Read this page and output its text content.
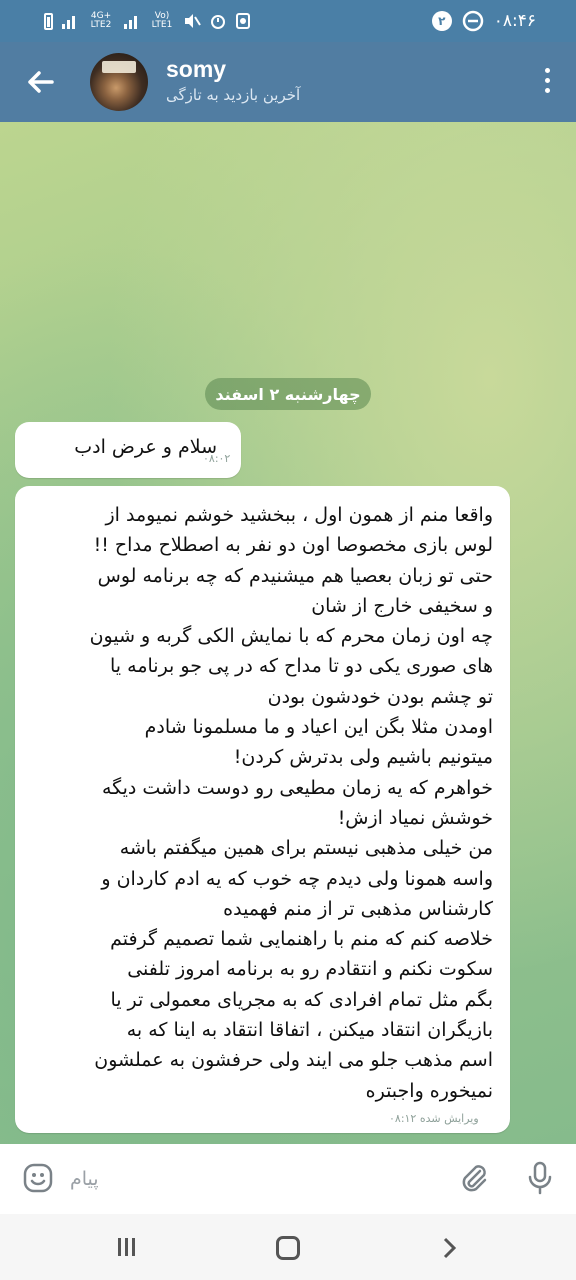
4G+ LTE2
Vo) LTE1	۲	۰۸:۴۶
somy
آخرین بازدید به تازگی
چهارشنبه ۲ اسفند
سلام و عرض ادب
۰۸:۰۲
واقعا منم از همون اول ، ببخشید خوشم نمیومد از
لوس بازی مخصوصا اون دو نفر به اصطلاح مداح !!
حتی تو زبان بعصیا هم میشنیدم که چه برنامه لوس
و سخیفی خارج از شان
چه اون زمان محرم که با نمایش الکی گربه و شیون
های صوری یکی دو تا مداح که در پی جو برنامه یا
تو چشم بودن خودشون بودن
اومدن مثلا بگن این اعیاد و ما مسلمونا شادم
میتونیم باشیم ولی بدترش کردن!
خواهرم که یه زمان مطیعی رو دوست داشت دیگه
خوشش نمیاد ازش!
من خیلی مذهبی نیستم برای همین میگفتم باشه
واسه همونا ولی دیدم چه خوب که یه ادم کاردان و
کارشناس مذهبی تر از منم فهمیده
خلاصه کنم که منم با راهنمایی شما تصمیم گرفتم
سکوت نکنم و انتقادم رو به برنامه امروز تلفنی
بگم مثل تمام افرادی که به مجریای معمولی تر یا
بازیگران انتقاد میکنن ، اتفاقا انتقاد به اینا که به
اسم مذهب جلو می ایند ولی حرفشون به عملشون
نمیخوره واجبتره
ویرایش شده ۰۸:۱۲
پیام
